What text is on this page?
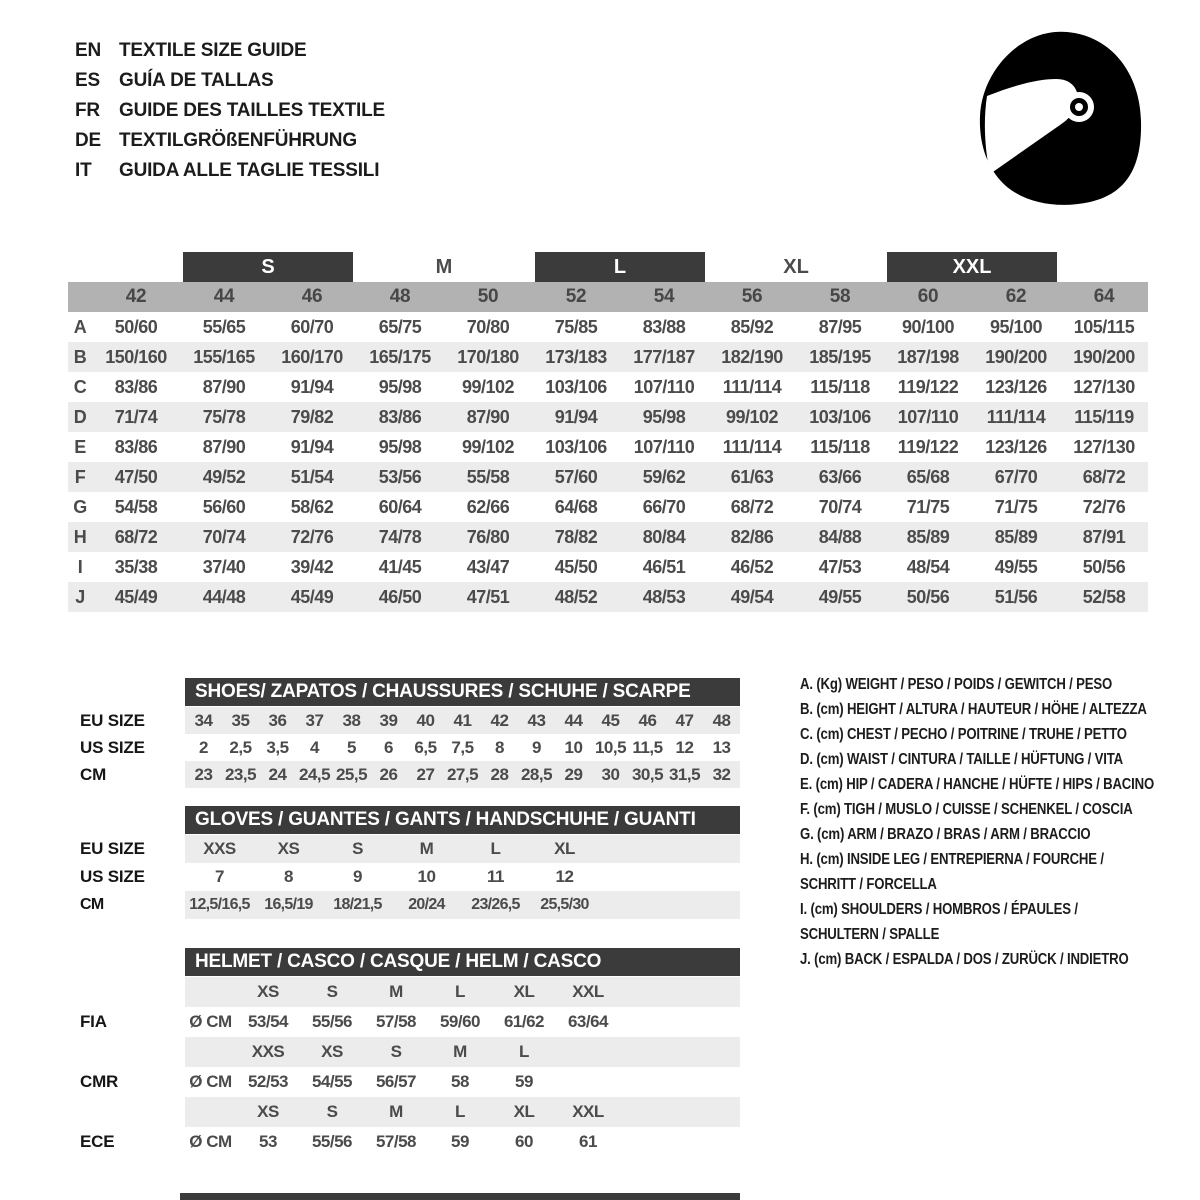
EN TEXTILE SIZE GUIDE
ES	GUÍA DE TALLAS
FR	GUIDE DES TAILLES TEXTILE
DE TEXTILGRÖßENFÜHRUNG
IT	GUIDA ALLE TAGLIE TESSILI

		S		M		L		XL		XXL		

	42	44	46	48	50	52	54	56	58	60	62	64
A	50/60	55/65	60/70	65/75	70/80	75/85	83/88	85/92	87/95	90/100	95/100	105/115
B	150/160	155/165	160/170	165/175	170/180	173/183	177/187	182/190	185/195	187/198	190/200	190/200
C	83/86	87/90	91/94	95/98	99/102	103/106	107/110	111/114	115/118	119/122	123/126	127/130
D	71/74	75/78	79/82	83/86	87/90	91/94	95/98	99/102	103/106	107/110	111/114	115/119
E	83/86	87/90	91/94	95/98	99/102	103/106	107/110	111/114	115/118	119/122	123/126	127/130
F	47/50	49/52	51/54	53/56	55/58	57/60	59/62	61/63	63/66	65/68	67/70	68/72
G	54/58	56/60	58/62	60/64	62/66	64/68	66/70	68/72	70/74	71/75	71/75	72/76
H	68/72	70/74	72/76	74/78	76/80	78/82	80/84	82/86	84/88	85/89	85/89	87/91
I	35/38	37/40	39/42	41/45	43/47	45/50	46/51	46/52	47/53	48/54	49/55	50/56
J	45/49	44/48	45/49	46/50	47/51	48/52	48/53	49/54	49/55	50/56	51/56	52/58

	SHOES/ ZAPATOS / CHAUSSURES / SCHUHE / SCARPE														

EU SIZE	34	35	36	37	38	39	40	41	42	43	44	45	46	47	48
US SIZE	2	2,5	3,5	4	5	6	6,5	7,5	8	9	10	10,5	11,5	12	13
CM	23	23,5	24	24,5	25,5	26	27	27,5	28	28,5	29	30	30,5	31,5	32

	GLOVES / GUANTES / GANTS / HANDSCHUHE / GUANTI						

EU SIZE	XXS	XS	S	M	L	XL	
US SIZE	7	8	9	10	11	12	
CM	12,5/16,5	16,5/19	18/21,5	20/24	23/26,5	25,5/30	

	HELMET / CASCO / CASQUE / HELM / CASCO							

		XS	S	M	L	XL	XXL	
FIA	Ø CM	53/54	55/56	57/58	59/60	61/62	63/64	
		XXS	XS	S	M	L		
CMR	Ø CM	52/53	54/55	56/57	58	59		
		XS	S	M	L	XL	XXL	
ECE	Ø CM	53	55/56	57/58	59	60	61	
A. (Kg) WEIGHT / PESO / POIDS / GEWITCH / PESO
B. (cm) HEIGHT / ALTURA / HAUTEUR / HÖHE / ALTEZZA
C. (cm) CHEST / PECHO / POITRINE / TRUHE / PETTO
D. (cm) WAIST / CINTURA / TAILLE / HÜFTUNG / VITA
E. (cm) HIP / CADERA / HANCHE / HÜFTE / HIPS / BACINO
F. (cm) TIGH / MUSLO / CUISSE / SCHENKEL / COSCIA
G. (cm) ARM / BRAZO / BRAS / ARM / BRACCIO
H. (cm) INSIDE LEG / ENTREPIERNA / FOURCHE /
SCHRITT / FORCELLA
I. (cm) SHOULDERS / HOMBROS / ÉPAULES /
SCHULTERN / SPALLE
J. (cm) BACK / ESPALDA / DOS / ZURÜCK / INDIETRO
